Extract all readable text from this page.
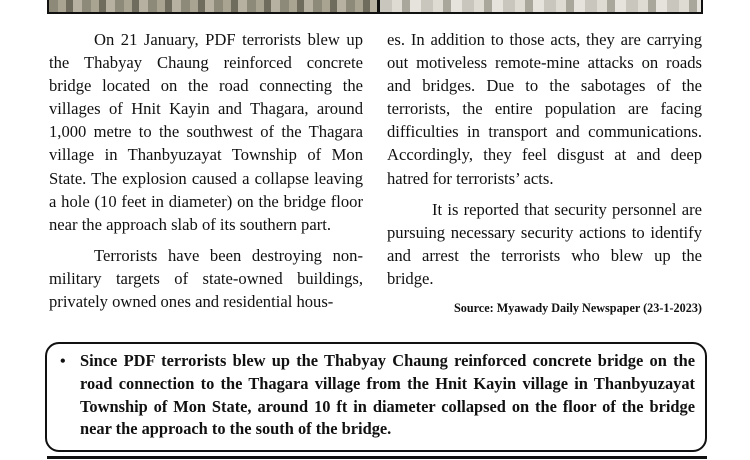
On 21 January, PDF terrorists blew up the Thabyay Chaung reinforced concrete bridge located on the road connecting the villages of Hnit Kayin and Thagara, around 1,000 metre to the southwest of the Thagara village in Thanbyuzayat Township of Mon State. The explosion caused a collapse leaving a hole (10 feet in diameter) on the bridge floor near the approach slab of its southern part.

Terrorists have been destroying non-military targets of state-owned buildings, privately owned ones and residential hous-

es. In addition to those acts, they are carrying out motiveless remote-mine attacks on roads and bridges. Due to the sabotages of the terrorists, the entire population are facing difficulties in transport and communications. Accordingly, they feel disgust at and deep hatred for terrorists’ acts.

It is reported that security personnel are pursuing necessary security actions to identify and arrest the terrorists who blew up the bridge.

Source: Myawady Daily Newspaper (23-1-2023)

• Since PDF terrorists blew up the Thabyay Chaung reinforced concrete bridge on the road connection to the Thagara village from the Hnit Kayin village in Thanbyuzayat Township of Mon State, around 10 ft in diameter collapsed on the floor of the bridge near the approach to the south of the bridge.
